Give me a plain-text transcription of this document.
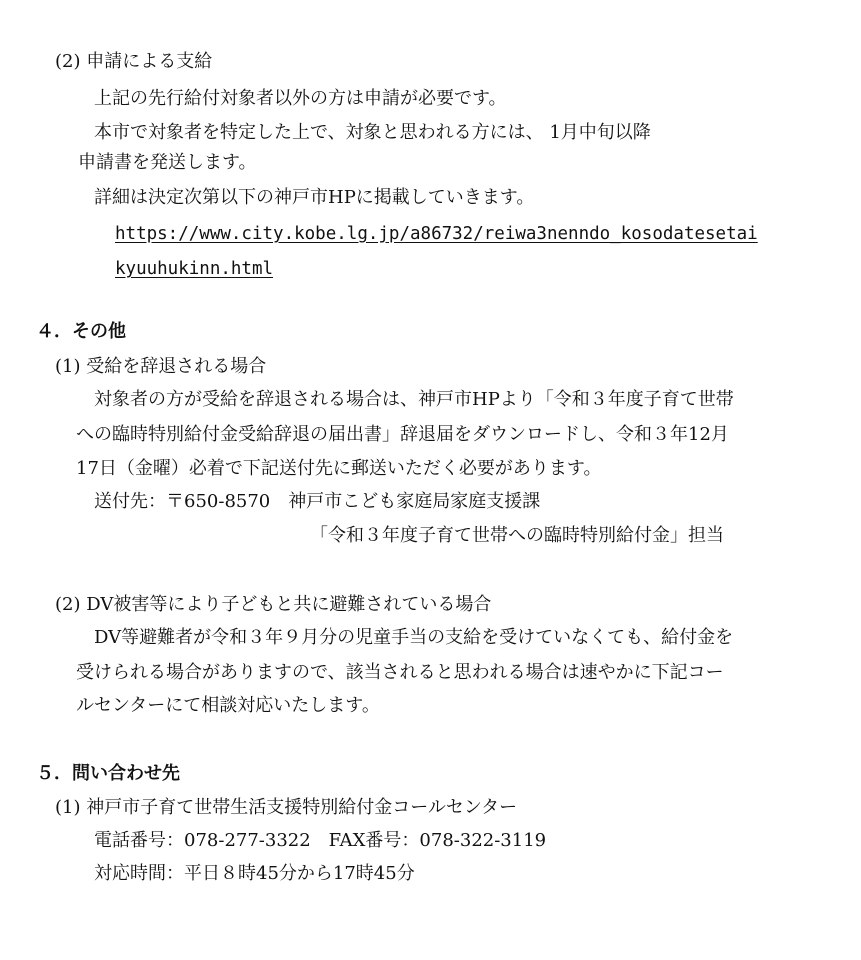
(2) 申請による支給
上記の先行給付対象者以外の方は申請が必要です。
本市で対象者を特定した上で、対象と思われる方には、 1月中旬以降
申請書を発送します。
詳細は決定次第以下の神戸市HPに掲載していきます。
https://www.city.kobe.lg.jp/a86732/reiwa3nenndo_kosodatesetai
kyuuhukinn.html
４．その他
(1) 受給を辞退される場合
対象者の方が受給を辞退される場合は、神戸市HPより「令和３年度子育て世帯
への臨時特別給付金受給辞退の届出書」辞退届をダウンロードし、令和３年12月
17日（金曜）必着で下記送付先に郵送いただく必要があります。
送付先：〒650-8570　神戸市こども家庭局家庭支援課
「令和３年度子育て世帯への臨時特別給付金」担当
(2) DV被害等により子どもと共に避難されている場合
DV等避難者が令和３年９月分の児童手当の支給を受けていなくても、給付金を
受けられる場合がありますので、該当されると思われる場合は速やかに下記コー
ルセンターにて相談対応いたします。
５．問い合わせ先
(1) 神戸市子育て世帯生活支援特別給付金コールセンター
電話番号：078-277-3322　FAX番号：078-322-3119
対応時間：平日８時45分から17時45分
